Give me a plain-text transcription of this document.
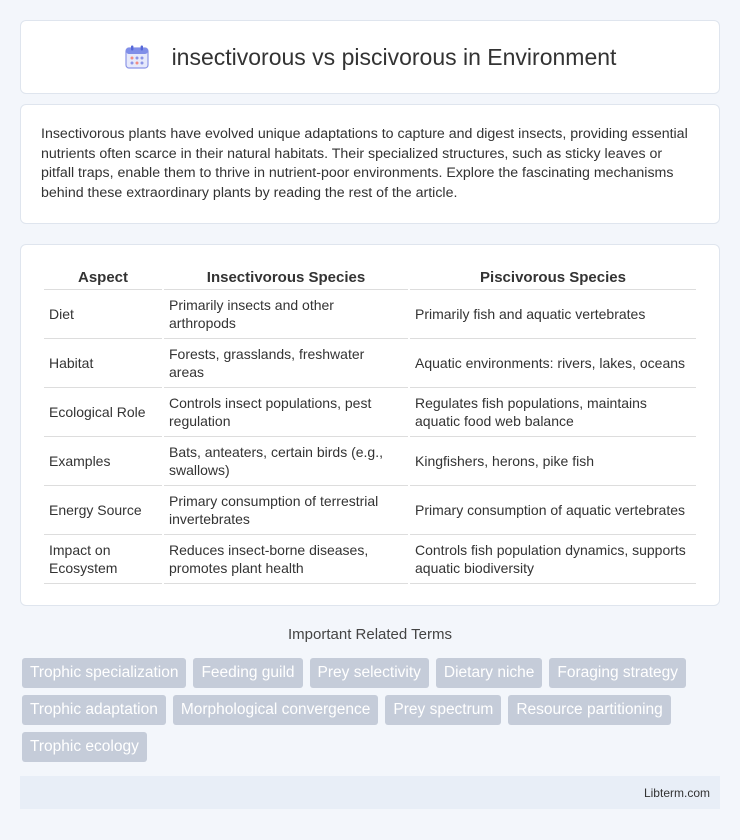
insectivorous vs piscivorous in Environment

Insectivorous plants have evolved unique adaptations to capture and digest insects, providing essential nutrients often scarce in their natural habitats. Their specialized structures, such as sticky leaves or pitfall traps, enable them to thrive in nutrient-poor environments. Explore the fascinating mechanisms behind these extraordinary plants by reading the rest of the article.

Aspect	Insectivorous Species	Piscivorous Species
Diet	Primarily insects and other arthropods	Primarily fish and aquatic vertebrates
Habitat	Forests, grasslands, freshwater areas	Aquatic environments: rivers, lakes, oceans
Ecological Role	Controls insect populations, pest regulation	Regulates fish populations, maintains aquatic food web balance
Examples	Bats, anteaters, certain birds (e.g., swallows)	Kingfishers, herons, pike fish
Energy Source	Primary consumption of terrestrial invertebrates	Primary consumption of aquatic vertebrates
Impact on Ecosystem	Reduces insect-borne diseases, promotes plant health	Controls fish population dynamics, supports aquatic biodiversity
Important Related Terms
Trophic specialization	Feeding guild	Prey selectivity	Dietary niche	Foraging strategy
Trophic adaptation	Morphological convergence	Prey spectrum	Resource partitioning
Trophic ecology
Libterm.com
